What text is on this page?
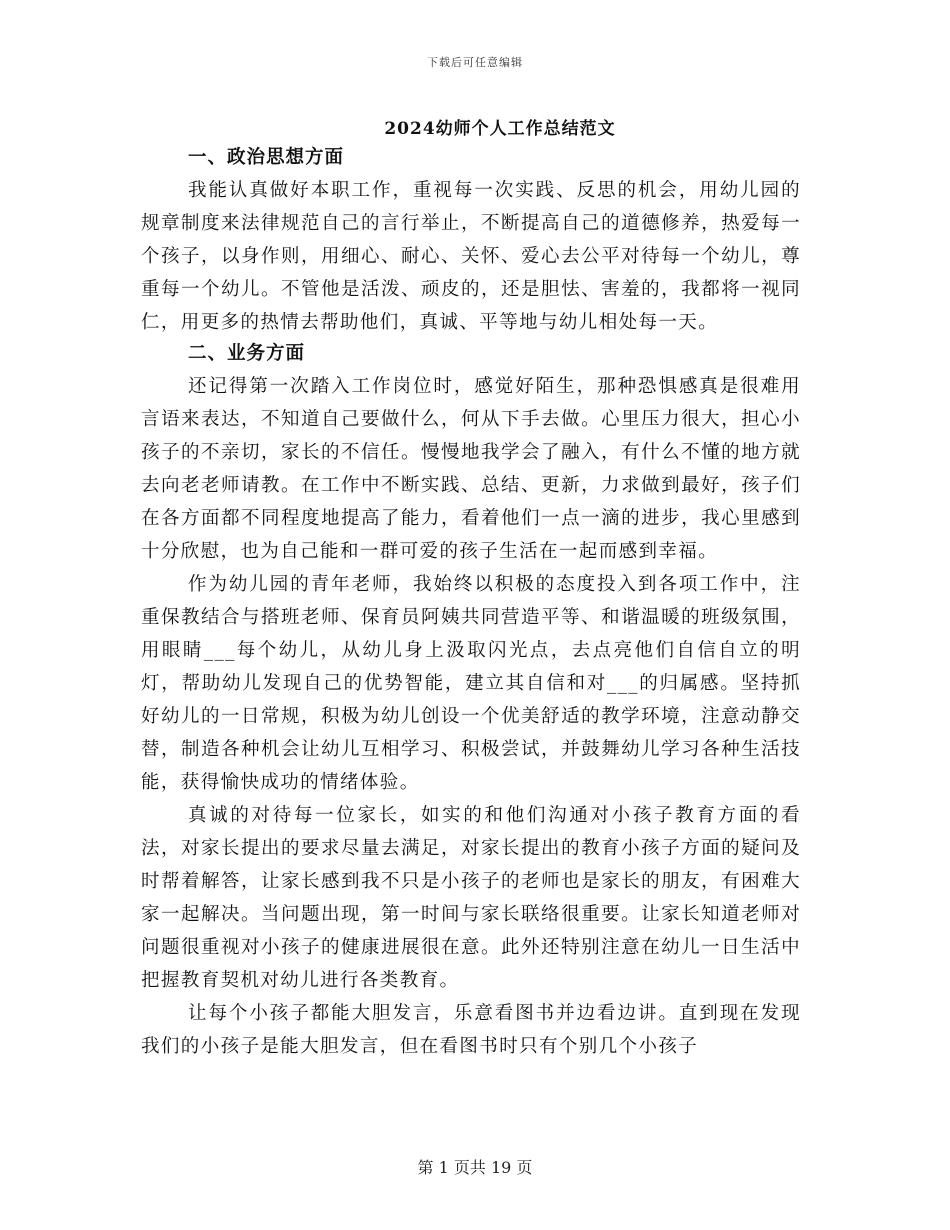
下载后可任意编辑
2024幼师个人工作总结范文
一、政治思想方面

我能认真做好本职工作，重视每一次实践、反思的机会，用幼儿园的规章制度来法律规范自己的言行举止，不断提高自己的道德修养，热爱每一个孩子，以身作则，用细心、耐心、关怀、爱心去公平对待每一个幼儿，尊重每一个幼儿。不管他是活泼、顽皮的，还是胆怯、害羞的，我都将一视同仁，用更多的热情去帮助他们，真诚、平等地与幼儿相处每一天。

二、业务方面

还记得第一次踏入工作岗位时，感觉好陌生，那种恐惧感真是很难用言语来表达，不知道自己要做什么，何从下手去做。心里压力很大，担心小孩子的不亲切，家长的不信任。慢慢地我学会了融入，有什么不懂的地方就去向老老师请教。在工作中不断实践、总结、更新，力求做到最好，孩子们在各方面都不同程度地提高了能力，看着他们一点一滴的进步，我心里感到十分欣慰，也为自己能和一群可爱的孩子生活在一起而感到幸福。

作为幼儿园的青年老师，我始终以积极的态度投入到各项工作中，注重保教结合与搭班老师、保育员阿姨共同营造平等、和谐温暖的班级氛围，用眼睛___每个幼儿，从幼儿身上汲取闪光点，去点亮他们自信自立的明灯，帮助幼儿发现自己的优势智能，建立其自信和对___的归属感。坚持抓好幼儿的一日常规，积极为幼儿创设一个优美舒适的教学环境，注意动静交替，制造各种机会让幼儿互相学习、积极尝试，并鼓舞幼儿学习各种生活技能，获得愉快成功的情绪体验。

真诚的对待每一位家长，如实的和他们沟通对小孩子教育方面的看法，对家长提出的要求尽量去满足，对家长提出的教育小孩子方面的疑问及时帮着解答，让家长感到我不只是小孩子的老师也是家长的朋友，有困难大家一起解决。当问题出现，第一时间与家长联络很重要。让家长知道老师对问题很重视对小孩子的健康进展很在意。此外还特别注意在幼儿一日生活中把握教育契机对幼儿进行各类教育。

让每个小孩子都能大胆发言，乐意看图书并边看边讲。直到现在发现我们的小孩子是能大胆发言，但在看图书时只有个别几个小孩子

第 1 页共 19 页
